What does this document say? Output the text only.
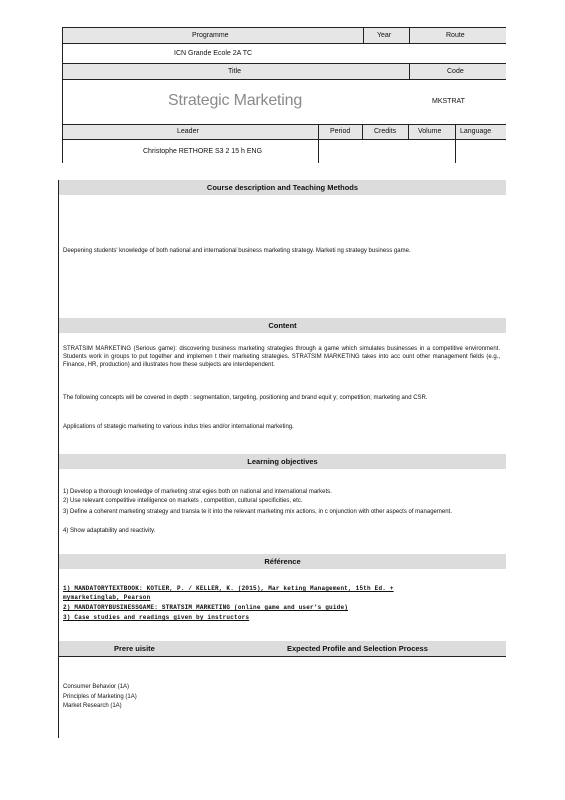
Programme	Year	Route
ICN Grande Ecole 2A TC
Title	Code
Strategic Marketing	MKSTRAT
Leader	Period	Credits	Volume	Language
Christophe RETHORE S3 2 15 h ENG
Course description and Teaching Methods
Deepening students' knowledge of both national and international business marketing strategy. Marketi ng strategy business game.
Content
STRATSIM MARKETING (Serious game): discovering business marketing strategies through a game which simulates businesses in a competitive environment. Students work in groups to put together and implemen t their marketing strategies. STRATSIM MARKETING takes into acc ount other management fields (e.g., Finance, HR, production) and illustrates how these subjects are interdependent.
The following concepts will be covered in depth : segmentation, targeting, positioning and brand equit y; competition; marketing and CSR.
Applications of strategic marketing to various indus tries and/or international marketing.
Learning objectives
1) Develop a thorough knowledge of marketing strat egies both on national and international markets.
2) Use relevant competitive intelligence on markets , competition, cultural specificities, etc.
3) Define a coherent marketing strategy and transla te it into the relevant marketing mix actions, in c onjunction with other aspects of management.
4) Show adaptability and reactivity.
Référence
1) MANDATORYTEXTBOOK: KOTLER, P. / KELLER, K. (2015), Mar keting Management, 15th Ed. +
mymarketinglab, Pearson
2) MANDATORYBUSINESSGAME: STRATSIM MARKETING (online game and user's guide)
3) Case studies and readings given by instructors
Prere uisite	Expected Profile and Selection Process
Consumer Behavior (1A)
Principles of Marketing (1A)
Market Research (1A)
